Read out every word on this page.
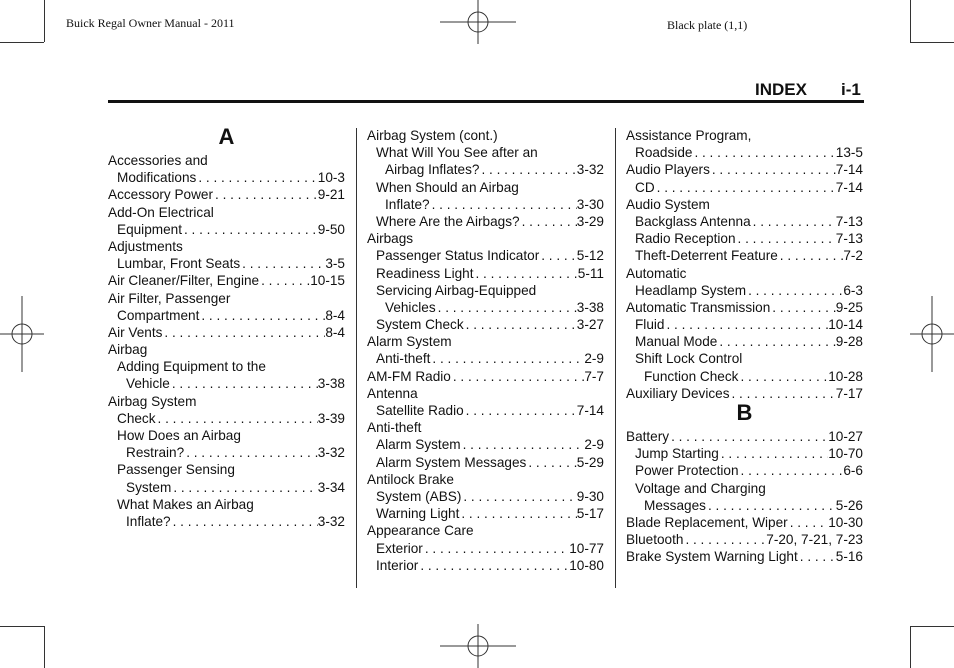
Buick Regal Owner Manual - 2011	Black plate (1,1)
INDEX i-1
A
Accessories and
Modifications . . .	10-3
Accessory Power . . .	9-21
Add-On Electrical
Equipment . . .	9-50
Adjustments
Lumbar, Front Seats . . .	3-5
Air Cleaner/Filter, Engine . . .	10-15
Air Filter, Passenger
Compartment . . .	8-4
Air Vents . . .	8-4
Airbag
Adding Equipment to the
Vehicle . . .	3-38
Airbag System
Check . . .	3-39
How Does an Airbag
Restrain? . . .	3-32
Passenger Sensing
System . . .	3-34
What Makes an Airbag
Inflate? . . .	3-32
Airbag System (cont.)
What Will You See after an
Airbag Inflates? . . .	3-32
When Should an Airbag
Inflate? . . .	3-30
Where Are the Airbags? . . .	3-29
Airbags
Passenger Status Indicator . . .	5-12
Readiness Light . . .	5-11
Servicing Airbag-Equipped
Vehicles . . .	3-38
System Check . . .	3-27
Alarm System
Anti-theft . . .	2-9
AM-FM Radio . . .	7-7
Antenna
Satellite Radio . . .	7-14
Anti-theft
Alarm System . . .	2-9
Alarm System Messages . . .	5-29
Antilock Brake
System (ABS) . . .	9-30
Warning Light . . .	5-17
Appearance Care
Exterior . . .	10-77
Interior . . .	10-80
Assistance Program,
Roadside . . .	13-5
Audio Players . . .	7-14
CD . . .	7-14
Audio System
Backglass Antenna . . .	7-13
Radio Reception . . .	7-13
Theft-Deterrent Feature . . .	7-2
Automatic
Headlamp System . . .	6-3
Automatic Transmission . . .	9-25
Fluid . . .	10-14
Manual Mode . . .	9-28
Shift Lock Control
Function Check . . .	10-28
Auxiliary Devices . . .	7-17
B
Battery . . .	10-27
Jump Starting . . .	10-70
Power Protection . . .	6-6
Voltage and Charging
Messages . . .	5-26
Blade Replacement, Wiper . . .	10-30
Bluetooth . . .	7-20, 7-21, 7-23
Brake System Warning Light . . .	5-16
